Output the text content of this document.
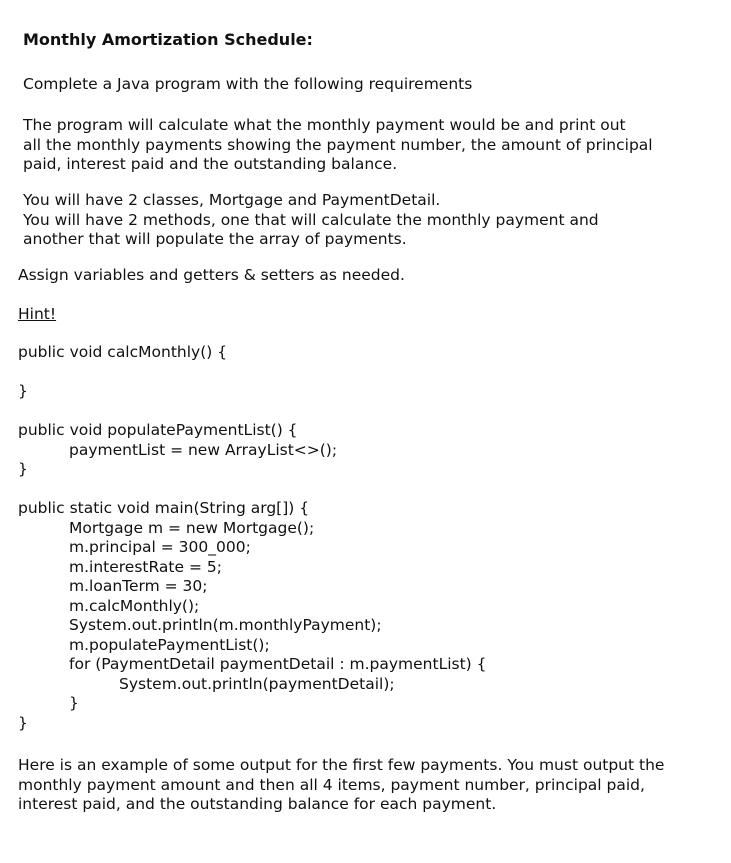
Monthly Amortization Schedule:
Complete a Java program with the following requirements
The program will calculate what the monthly payment would be and print out
all the monthly payments showing the payment number, the amount of principal
paid, interest paid and the outstanding balance.
You will have 2 classes, Mortgage and PaymentDetail.
You will have 2 methods, one that will calculate the monthly payment and
another that will populate the array of payments.
Assign variables and getters & setters as needed.
Hint!
public void calcMonthly() {
}
public void populatePaymentList() {
paymentList = new ArrayList<>();
}
public static void main(String arg[]) {
Mortgage m = new Mortgage();
m.principal = 300_000;
m.interestRate = 5;
m.loanTerm = 30;
m.calcMonthly();
System.out.println(m.monthlyPayment);
m.populatePaymentList();
for (PaymentDetail paymentDetail : m.paymentList) {
System.out.println(paymentDetail);
}
}
Here is an example of some output for the first few payments. You must output the
monthly payment amount and then all 4 items, payment number, principal paid,
interest paid, and the outstanding balance for each payment.
